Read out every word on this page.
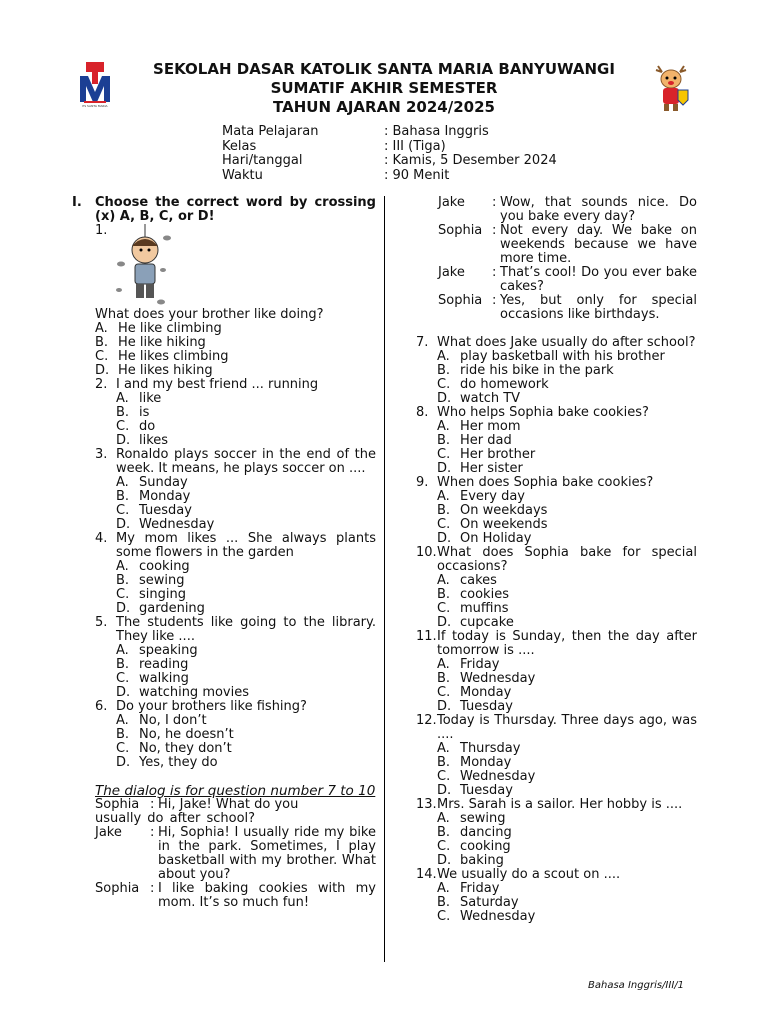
PS SANTA MARIA
SEKOLAH DASAR KATOLIK SANTA MARIA BANYUWANGI
SUMATIF AKHIR SEMESTER
TAHUN AJARAN 2024/2025
Mata Pelajaran	: Bahasa Inggris
Kelas	: III (Tiga)
Hari/tanggal	: Kamis, 5 Desember 2024
Waktu	: 90 Menit
I.	Choose the correct word by crossing (x) A, B, C, or D!
1.
What does your brother like doing?
A. He like climbing
B. He like hiking
C. He likes climbing
D. He likes hiking
2. I and my best friend ... running
A. like
B. is
C. do
D. likes
3. Ronaldo plays soccer in the end of the week. It means, he plays soccer on ....
A. Sunday
B. Monday
C. Tuesday
D. Wednesday
4. My mom likes ... She always plants some flowers in the garden
A. cooking
B. sewing
C. singing
D. gardening
5. The students like going to the library. They like ....
A. speaking
B. reading
C. walking
D. watching movies
6. Do your brothers like fishing?
A. No, I don’t
B. No, he doesn’t
C. No, they don’t
D. Yes, they do
The dialog is for question number 7 to 10
Sophia : Hi, Jake! What do you
usually do after school?
Jake	: Hi, Sophia! I usually ride my bike in the park. Sometimes, I play basketball with my brother. What about you?
Sophia : I like baking cookies with my mom. It’s so much fun!
Jake	: Wow, that sounds nice. Do you bake every day?
Sophia : Not every day. We bake on weekends because we have more time.
Jake	: That’s cool! Do you ever bake cakes?
Sophia : Yes, but only for special occasions like birthdays.
7. What does Jake usually do after school?
A. play basketball with his brother
B. ride his bike in the park
C. do homework
D. watch TV
8. Who helps Sophia bake cookies?
A. Her mom
B. Her dad
C. Her brother
D. Her sister
9. When does Sophia bake cookies?
A. Every day
B. On weekdays
C. On weekends
D. On Holiday
10. What does Sophia bake for special occasions?
A. cakes
B. cookies
C. muffins
D. cupcake
11. If today is Sunday, then the day after tomorrow is ....
A. Friday
B. Wednesday
C. Monday
D. Tuesday
12. Today is Thursday. Three days ago, was ....
A. Thursday
B. Monday
C. Wednesday
D. Tuesday
13. Mrs. Sarah is a sailor. Her hobby is ....
A. sewing
B. dancing
C. cooking
D. baking
14. We usually do a scout on ....
A. Friday
B. Saturday
C. Wednesday
Bahasa Inggris/III/1
